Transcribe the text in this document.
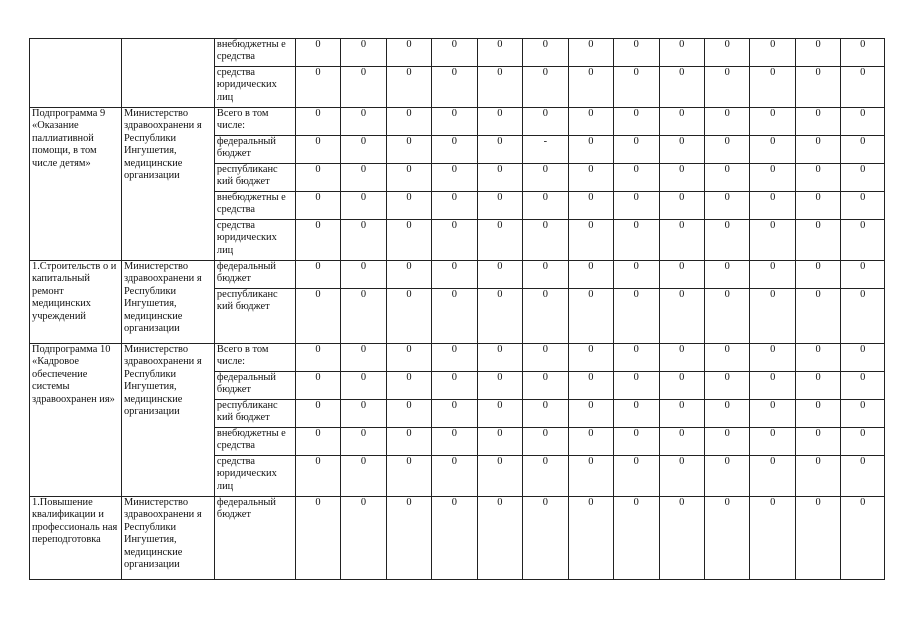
		внебюджетны е средства	0	0	0	0	0	0	0	0	0	0	0	0	0
		средства юридических лиц	0	0	0	0	0	0	0	0	0	0	0	0	0
Подпрограмма 9 «Оказание паллиативной помощи, в том числе детям»	Министерство здравоохранени я Республики Ингушетия, медицинские организации	Всего в том числе:	0	0	0	0	0	0	0	0	0	0	0	0	0
		федеральный бюджет	0	0	0	0	0	-	0	0	0	0	0	0	0
		республиканс кий бюджет	0	0	0	0	0	0	0	0	0	0	0	0	0
		внебюджетны е средства	0	0	0	0	0	0	0	0	0	0	0	0	0
		средства юридических лиц	0	0	0	0	0	0	0	0	0	0	0	0	0
1.Строительств о и капитальный ремонт медицинских учреждений	Министерство здравоохранени я Республики Ингушетия, медицинские организации	федеральный бюджет	0	0	0	0	0	0	0	0	0	0	0	0	0
		республиканс кий бюджет	0	0	0	0	0	0	0	0	0	0	0	0	0
Подпрограмма 10 «Кадровое обеспечение системы здравоохранен ия»	Министерство здравоохранени я Республики Ингушетия, медицинские организации	Всего в том числе:	0	0	0	0	0	0	0	0	0	0	0	0	0
		федеральный бюджет	0	0	0	0	0	0	0	0	0	0	0	0	0
		республиканс кий бюджет	0	0	0	0	0	0	0	0	0	0	0	0	0
		внебюджетны е средства	0	0	0	0	0	0	0	0	0	0	0	0	0
		средства юридических лиц	0	0	0	0	0	0	0	0	0	0	0	0	0
1.Повышение квалификации и профессиональ ная переподготовка	Министерство здравоохранени я Республики Ингушетия, медицинские организации	федеральный бюджет	0	0	0	0	0	0	0	0	0	0	0	0	0
